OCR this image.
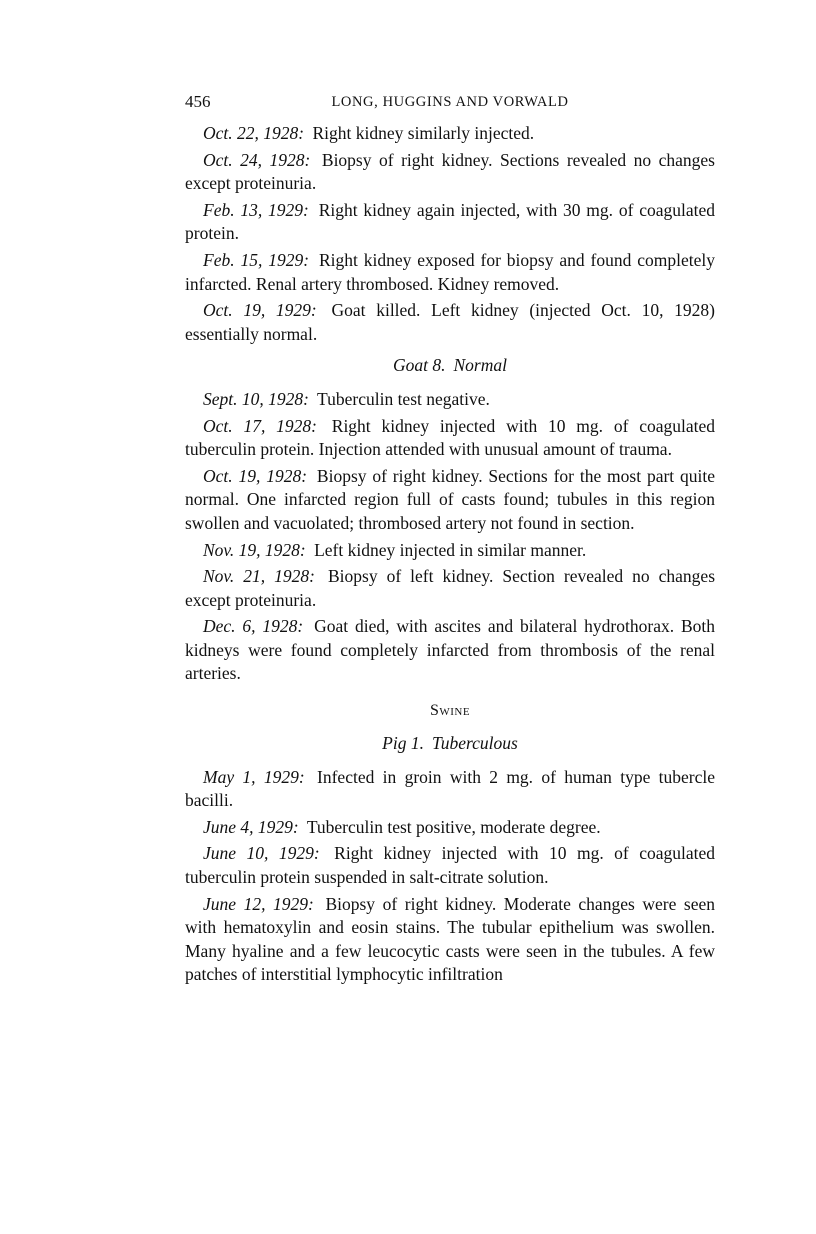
456	LONG, HUGGINS AND VORWALD

Oct. 22, 1928: Right kidney similarly injected.

Oct. 24, 1928: Biopsy of right kidney. Sections revealed no changes except proteinuria.

Feb. 13, 1929: Right kidney again injected, with 30 mg. of coagulated protein.

Feb. 15, 1929: Right kidney exposed for biopsy and found completely infarcted. Renal artery thrombosed. Kidney removed.

Oct. 19, 1929: Goat killed. Left kidney (injected Oct. 10, 1928) essentially normal.

Goat 8. Normal

Sept. 10, 1928: Tuberculin test negative.

Oct. 17, 1928: Right kidney injected with 10 mg. of coagulated tuberculin protein. Injection attended with unusual amount of trauma.

Oct. 19, 1928: Biopsy of right kidney. Sections for the most part quite normal. One infarcted region full of casts found; tubules in this region swollen and vacuolated; thrombosed artery not found in section.

Nov. 19, 1928: Left kidney injected in similar manner.

Nov. 21, 1928: Biopsy of left kidney. Section revealed no changes except proteinuria.

Dec. 6, 1928: Goat died, with ascites and bilateral hydrothorax. Both kidneys were found completely infarcted from thrombosis of the renal arteries.

Swine
Pig 1. Tuberculous

May 1, 1929: Infected in groin with 2 mg. of human type tubercle bacilli.

June 4, 1929: Tuberculin test positive, moderate degree.

June 10, 1929: Right kidney injected with 10 mg. of coagulated tuberculin protein suspended in salt-citrate solution.

June 12, 1929: Biopsy of right kidney. Moderate changes were seen with hematoxylin and eosin stains. The tubular epithelium was swollen. Many hyaline and a few leucocytic casts were seen in the tubules. A few patches of interstitial lymphocytic infiltration
